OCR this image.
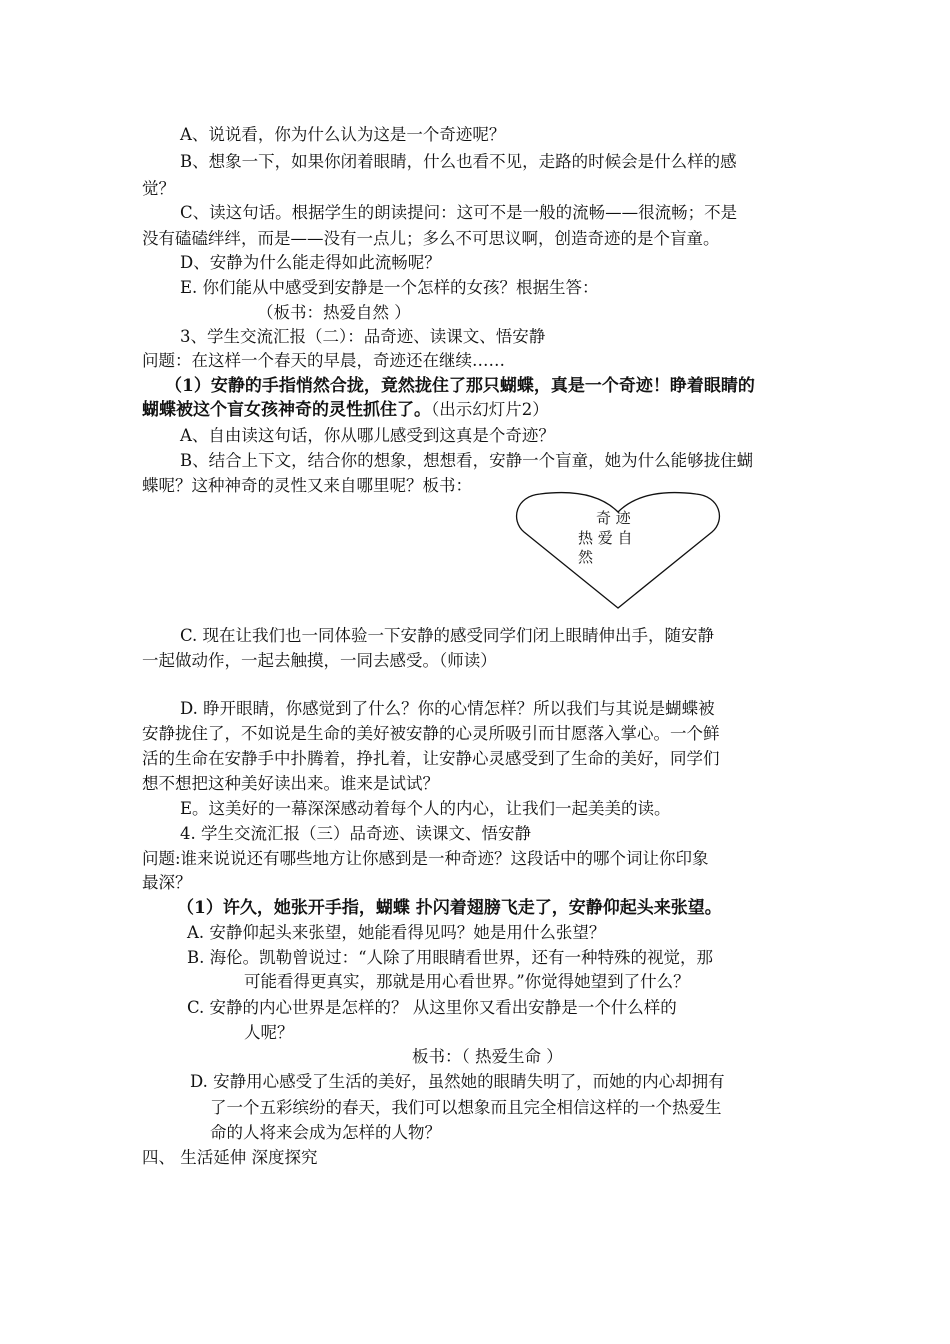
A、说说看，你为什么认为这是一个奇迹呢？
B、想象一下，如果你闭着眼睛，什么也看不见，走路的时候会是什么样的感
觉？
C、读这句话。根据学生的朗读提问：这可不是一般的流畅——很流畅；不是
没有磕磕绊绊，而是——没有一点儿；多么不可思议啊，创造奇迹的是个盲童。
D、安静为什么能走得如此流畅呢？
E. 你们能从中感受到安静是一个怎样的女孩？根据生答：
（板书：热爱自然 ）
3、学生交流汇报（二）：品奇迹、读课文、悟安静
问题：在这样一个春天的早晨，奇迹还在继续……
（1）安静的手指悄然合拢，竟然拢住了那只蝴蝶，真是一个奇迹！睁着眼睛的
蝴蝶被这个盲女孩神奇的灵性抓住了。（出示幻灯片2）
A、自由读这句话，你从哪儿感受到这真是个奇迹？
B、结合上下文，结合你的想象，想想看，安静一个盲童，她为什么能够拢住蝴
蝶呢？这种神奇的灵性又来自哪里呢？板书：
奇 迹
热 爱 自
然
C. 现在让我们也一同体验一下安静的感受同学们闭上眼睛伸出手，随安静
一起做动作，一起去触摸，一同去感受。（师读）
D. 睁开眼睛，你感觉到了什么？你的心情怎样？所以我们与其说是蝴蝶被
安静拢住了，不如说是生命的美好被安静的心灵所吸引而甘愿落入掌心。一个鲜
活的生命在安静手中扑腾着，挣扎着，让安静心灵感受到了生命的美好，同学们
想不想把这种美好读出来。谁来是试试？
E。这美好的一幕深深感动着每个人的内心，让我们一起美美的读。
4. 学生交流汇报（三）品奇迹、读课文、悟安静
问题:谁来说说还有哪些地方让你感到是一种奇迹？这段话中的哪个词让你印象
最深？
（1）许久，她张开手指，蝴蝶 扑闪着翅膀飞走了，安静仰起头来张望。
A. 安静仰起头来张望，她能看得见吗？她是用什么张望？
B. 海伦。凯勒曾说过：“人除了用眼睛看世界，还有一种特殊的视觉，那
可能看得更真实，那就是用心看世界。”你觉得她望到了什么？
C. 安静的内心世界是怎样的？ 从这里你又看出安静是一个什么样的
人呢？
板书：（ 热爱生命 ）
D. 安静用心感受了生活的美好，虽然她的眼睛失明了，而她的内心却拥有
了一个五彩缤纷的春天，我们可以想象而且完全相信这样的一个热爱生
命的人将来会成为怎样的人物？
四、 生活延伸 深度探究
